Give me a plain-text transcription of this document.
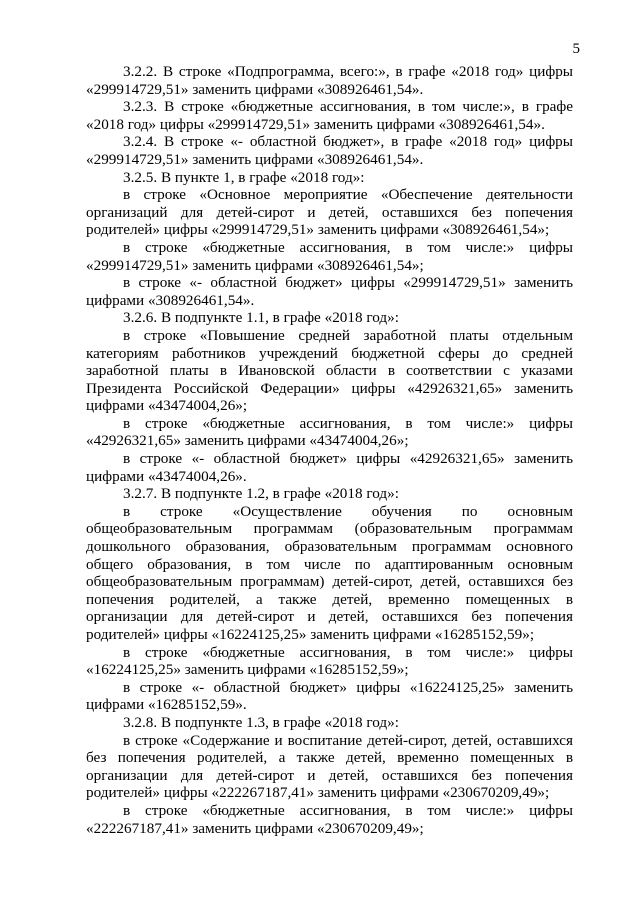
5

3.2.2. В строке «Подпрограмма, всего:», в графе «2018 год» цифры «299914729,51» заменить цифрами «308926461,54».

3.2.3. В строке «бюджетные ассигнования, в том числе:», в графе «2018 год» цифры «299914729,51» заменить цифрами «308926461,54».

3.2.4. В строке «- областной бюджет», в графе «2018 год» цифры «299914729,51» заменить цифрами «308926461,54».

3.2.5. В пункте 1, в графе «2018 год»:

в строке «Основное мероприятие «Обеспечение деятельности организаций для детей-сирот и детей, оставшихся без попечения родителей» цифры «299914729,51» заменить цифрами «308926461,54»;

в строке «бюджетные ассигнования, в том числе:» цифры «299914729,51» заменить цифрами «308926461,54»;

в строке «- областной бюджет» цифры «299914729,51» заменить цифрами «308926461,54».

3.2.6. В подпункте 1.1, в графе «2018 год»:

в строке «Повышение средней заработной платы отдельным категориям работников учреждений бюджетной сферы до средней заработной платы в Ивановской области в соответствии с указами Президента Российской Федерации» цифры «42926321,65» заменить цифрами «43474004,26»;

в строке «бюджетные ассигнования, в том числе:» цифры «42926321,65» заменить цифрами «43474004,26»;

в строке «- областной бюджет» цифры «42926321,65» заменить цифрами «43474004,26».

3.2.7. В подпункте 1.2, в графе «2018 год»:

в строке «Осуществление обучения по основным общеобразовательным программам (образовательным программам дошкольного образования, образовательным программам основного общего образования, в том числе по адаптированным основным общеобразовательным программам) детей-сирот, детей, оставшихся без попечения родителей, а также детей, временно помещенных в организации для детей-сирот и детей, оставшихся без попечения родителей» цифры «16224125,25» заменить цифрами «16285152,59»;

в строке «бюджетные ассигнования, в том числе:» цифры «16224125,25» заменить цифрами «16285152,59»;

в строке «- областной бюджет» цифры «16224125,25» заменить цифрами «16285152,59».

3.2.8. В подпункте 1.3, в графе «2018 год»:

в строке «Содержание и воспитание детей-сирот, детей, оставшихся без попечения родителей, а также детей, временно помещенных в организации для детей-сирот и детей, оставшихся без попечения родителей» цифры «222267187,41» заменить цифрами «230670209,49»;

в строке «бюджетные ассигнования, в том числе:» цифры «222267187,41» заменить цифрами «230670209,49»;
